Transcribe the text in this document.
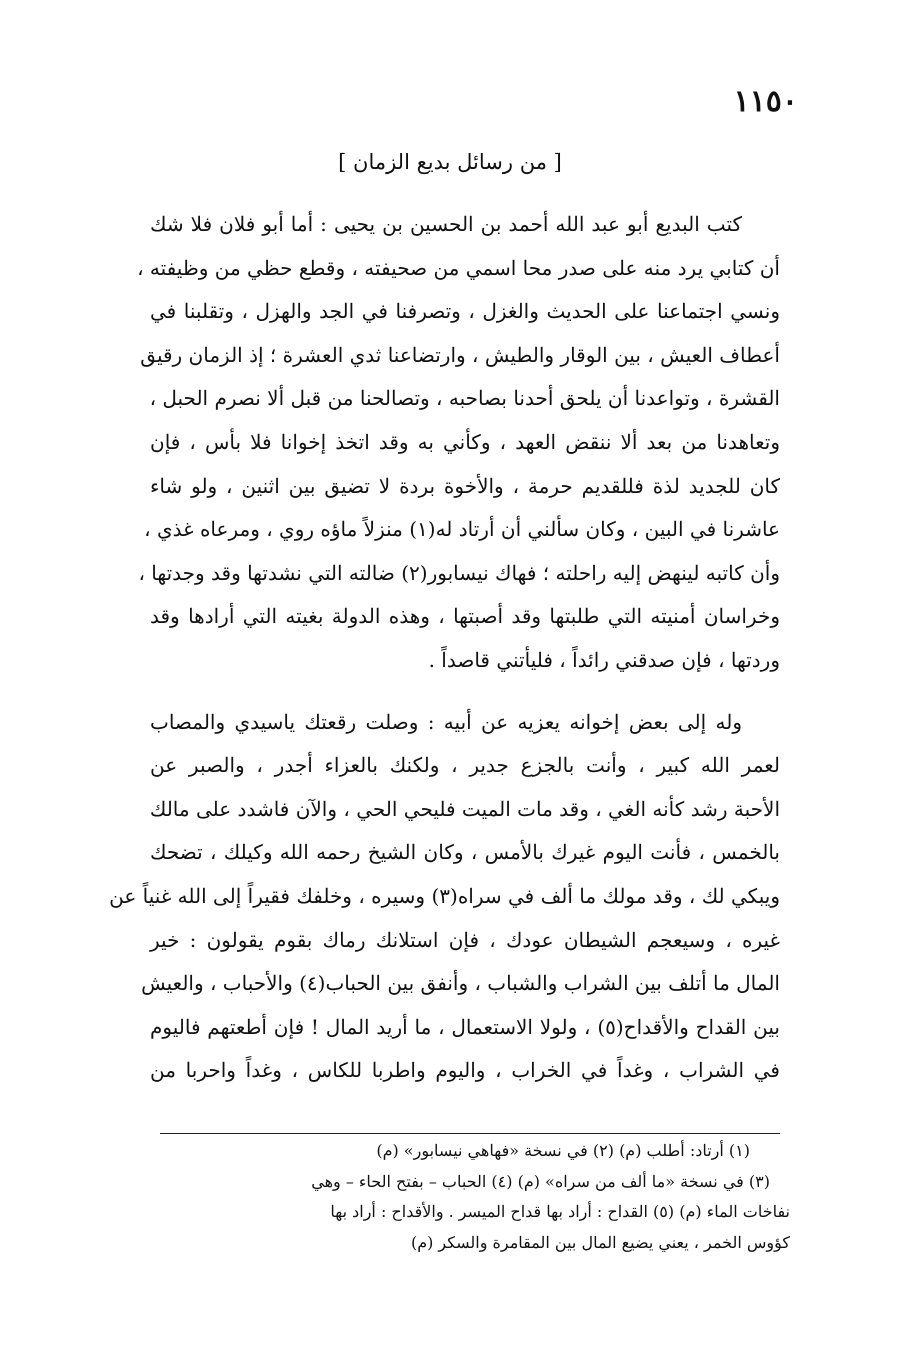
١١٥٠
[ من رسائل بديع الزمان ]
كتب البديع أبو عبد الله أحمد بن الحسين بن يحيى : أما أبو فلان فلا شك
أن كتابي يرد منه على صدر محا اسمي من صحيفته ، وقطع حظي من وظيفته ،
ونسي اجتماعنا على الحديث والغزل ، وتصرفنا في الجد والهزل ، وتقلبنا في
أعطاف العيش ، بين الوقار والطيش ، وارتضاعنا ثدي العشرة ؛ إذ الزمان رقيق
القشرة ، وتواعدنا أن يلحق أحدنا بصاحبه ، وتصالحنا من قبل ألا نصرم الحبل ،
وتعاهدنا من بعد ألا ننقض العهد ، وكأني به وقد اتخذ إخوانا فلا بأس ، فإن
كان للجديد لذة فللقديم حرمة ، والأخوة بردة لا تضيق بين اثنين ، ولو شاء
عاشرنا في البين ، وكان سألني أن أرتاد له(١) منزلاً ماؤه روي ، ومرعاه غذي ،
وأن كاتبه لينهض إليه راحلته ؛ فهاك نيسابور(٢) ضالته التي نشدتها وقد وجدتها ،
وخراسان أمنيته التي طلبتها وقد أصبتها ، وهذه الدولة بغيته التي أرادها وقد
وردتها ، فإن صدقني رائداً ، فليأتني قاصداً .
وله إلى بعض إخوانه يعزيه عن أبيه : وصلت رقعتك ياسيدي والمصاب
لعمر الله كبير ، وأنت بالجزع جدير ، ولكنك بالعزاء أجدر ، والصبر عن
الأحبة رشد كأنه الغي ، وقد مات الميت فليحي الحي ، والآن فاشدد على مالك
بالخمس ، فأنت اليوم غيرك بالأمس ، وكان الشيخ رحمه الله وكيلك ، تضحك
ويبكي لك ، وقد مولك ما ألف في سراه(٣) وسيره ، وخلفك فقيراً إلى الله غنياً عن
غيره ، وسيعجم الشيطان عودك ، فإن استلانك رماك بقوم يقولون : خير
المال ما أتلف بين الشراب والشباب ، وأنفق بين الحباب(٤) والأحباب ، والعيش
بين القداح والأقداح(٥) ، ولولا الاستعمال ، ما أريد المال ! فإن أطعتهم فاليوم
في الشراب ، وغداً في الخراب ، واليوم واطربا للكاس ، وغداً واحربا من
(١) أرتاد: أطلب (م) (٢) في نسخة «فهاهي نيسابور» (م)
(٣) في نسخة «ما ألف من سراه» (م) (٤) الحباب – بفتح الحاء – وهي
نفاخات الماء (م) (٥) القداح : أراد بها قداح الميسر . والأقداح : أراد بها
كؤوس الخمر ، يعني يضيع المال بين المقامرة والسكر (م)
